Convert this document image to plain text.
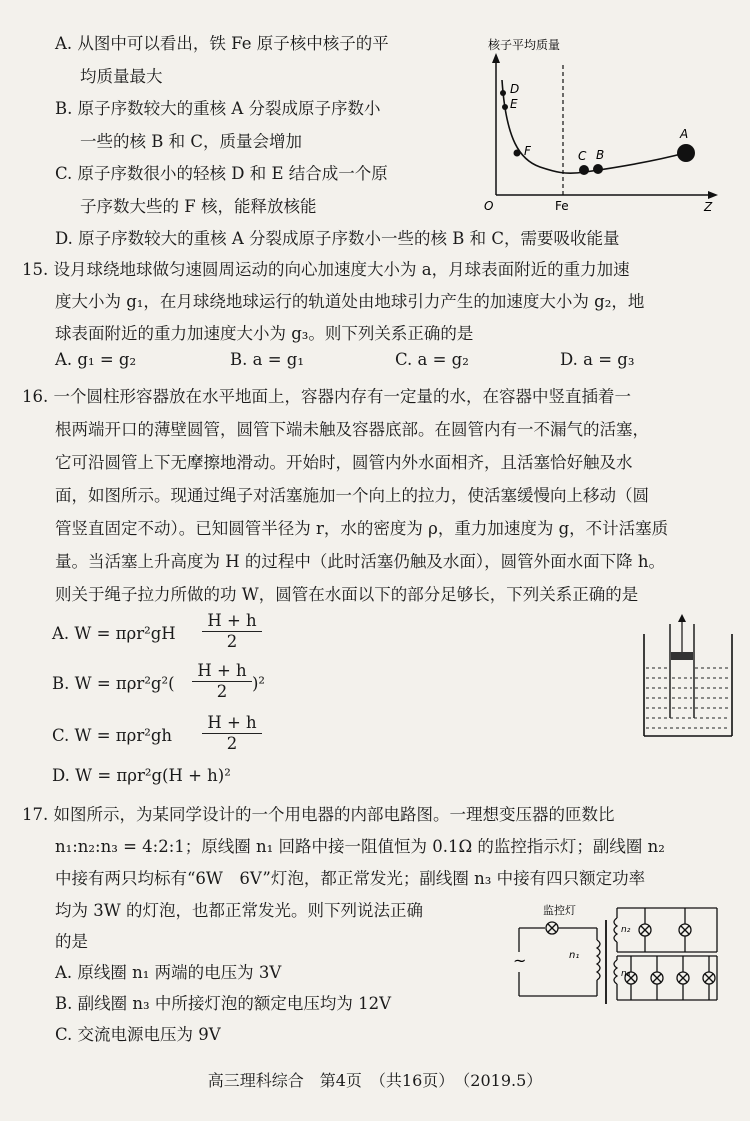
A. 从图中可以看出，铁 Fe 原子核中核子的平
均质量最大
B. 原子序数较大的重核 A 分裂成原子序数小
一些的核 B 和 C，质量会增加
C. 原子序数很小的轻核 D 和 E 结合成一个原
子序数大些的 F 核，能释放核能
D. 原子序数较大的重核 A 分裂成原子序数小一些的核 B 和 C，需要吸收能量
核子平均质量
D
E
F	C B
A
O	Fe	Z
15. 设月球绕地球做匀速圆周运动的向心加速度大小为 a，月球表面附近的重力加速
度大小为 g₁，在月球绕地球运行的轨道处由地球引力产生的加速度大小为 g₂，地
球表面附近的重力加速度大小为 g₃。则下列关系正确的是
A. g₁ = g₂	B. a = g₁	C. a = g₂	D. a = g₃
16. 一个圆柱形容器放在水平地面上，容器内存有一定量的水，在容器中竖直插着一
根两端开口的薄壁圆管，圆管下端未触及容器底部。在圆管内有一不漏气的活塞，
它可沿圆管上下无摩擦地滑动。开始时，圆管内外水面相齐，且活塞恰好触及水
面，如图所示。现通过绳子对活塞施加一个向上的拉力，使活塞缓慢向上移动（圆
管竖直固定不动）。已知圆管半径为 r，水的密度为 ρ，重力加速度为 g，不计活塞质
量。当活塞上升高度为 H 的过程中（此时活塞仍触及水面），圆管外面水面下降 h。
则关于绳子拉力所做的功 W，圆管在水面以下的部分足够长，下列关系正确的是
A. W = πρr²gH
H + h
2
B. W = πρr²g²(
H + h
2	)²
C. W = πρr²gh
H + h
2
D. W = πρr²g(H + h)²
17. 如图所示，为某同学设计的一个用电器的内部电路图。一理想变压器的匝数比
n₁:n₂:n₃ = 4:2:1；原线圈 n₁ 回路中接一阻值恒为 0.1Ω 的监控指示灯；副线圈 n₂
中接有两只均标有“6W　6V”灯泡，都正常发光；副线圈 n₃ 中接有四只额定功率
均为 3W 的灯泡，也都正常发光。则下列说法正确
的是
A. 原线圈 n₁ 两端的电压为 3V
B. 副线圈 n₃ 中所接灯泡的额定电压均为 12V
C. 交流电源电压为 9V
监控灯
~	n₁
n₂
n₃
高三理科综合　第4页　（共16页）　（2019.5）
